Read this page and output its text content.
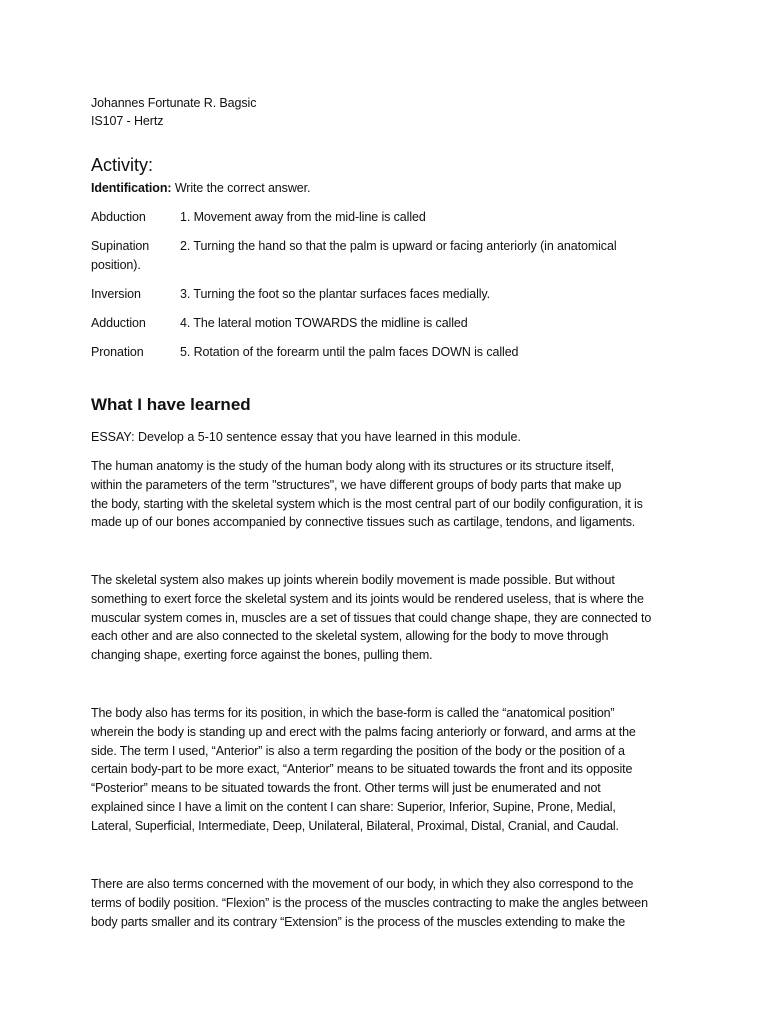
Johannes Fortunate R. Bagsic
IS107 - Hertz
Activity:
Identification: Write the correct answer.
Abduction	1. Movement away from the mid-line is called
Supination	2. Turning the hand so that the palm is upward or facing anteriorly (in anatomical position).
Inversion	3. Turning the foot so the plantar surfaces faces medially.
Adduction	4. The lateral motion TOWARDS the midline is called
Pronation	5. Rotation of the forearm until the palm faces DOWN is called
What I have learned
ESSAY: Develop a 5-10 sentence essay that you have learned in this module.
The human anatomy is the study of the human body along with its structures or its structure itself,
within the parameters of the term "structures", we have different groups of body parts that make up
the body, starting with the skeletal system which is the most central part of our bodily configuration, it is
made up of our bones accompanied by connective tissues such as cartilage, tendons, and ligaments.
The skeletal system also makes up joints wherein bodily movement is made possible. But without
something to exert force the skeletal system and its joints would be rendered useless, that is where the
muscular system comes in, muscles are a set of tissues that could change shape, they are connected to
each other and are also connected to the skeletal system, allowing for the body to move through
changing shape, exerting force against the bones, pulling them.
The body also has terms for its position, in which the base-form is called the “anatomical position”
wherein the body is standing up and erect with the palms facing anteriorly or forward, and arms at the
side. The term I used, “Anterior” is also a term regarding the position of the body or the position of a
certain body-part to be more exact, “Anterior” means to be situated towards the front and its opposite
“Posterior” means to be situated towards the front. Other terms will just be enumerated and not
explained since I have a limit on the content I can share: Superior, Inferior, Supine, Prone, Medial,
Lateral, Superficial, Intermediate, Deep, Unilateral, Bilateral, Proximal, Distal, Cranial, and Caudal.
There are also terms concerned with the movement of our body, in which they also correspond to the
terms of bodily position. “Flexion” is the process of the muscles contracting to make the angles between
body parts smaller and its contrary “Extension” is the process of the muscles extending to make the
